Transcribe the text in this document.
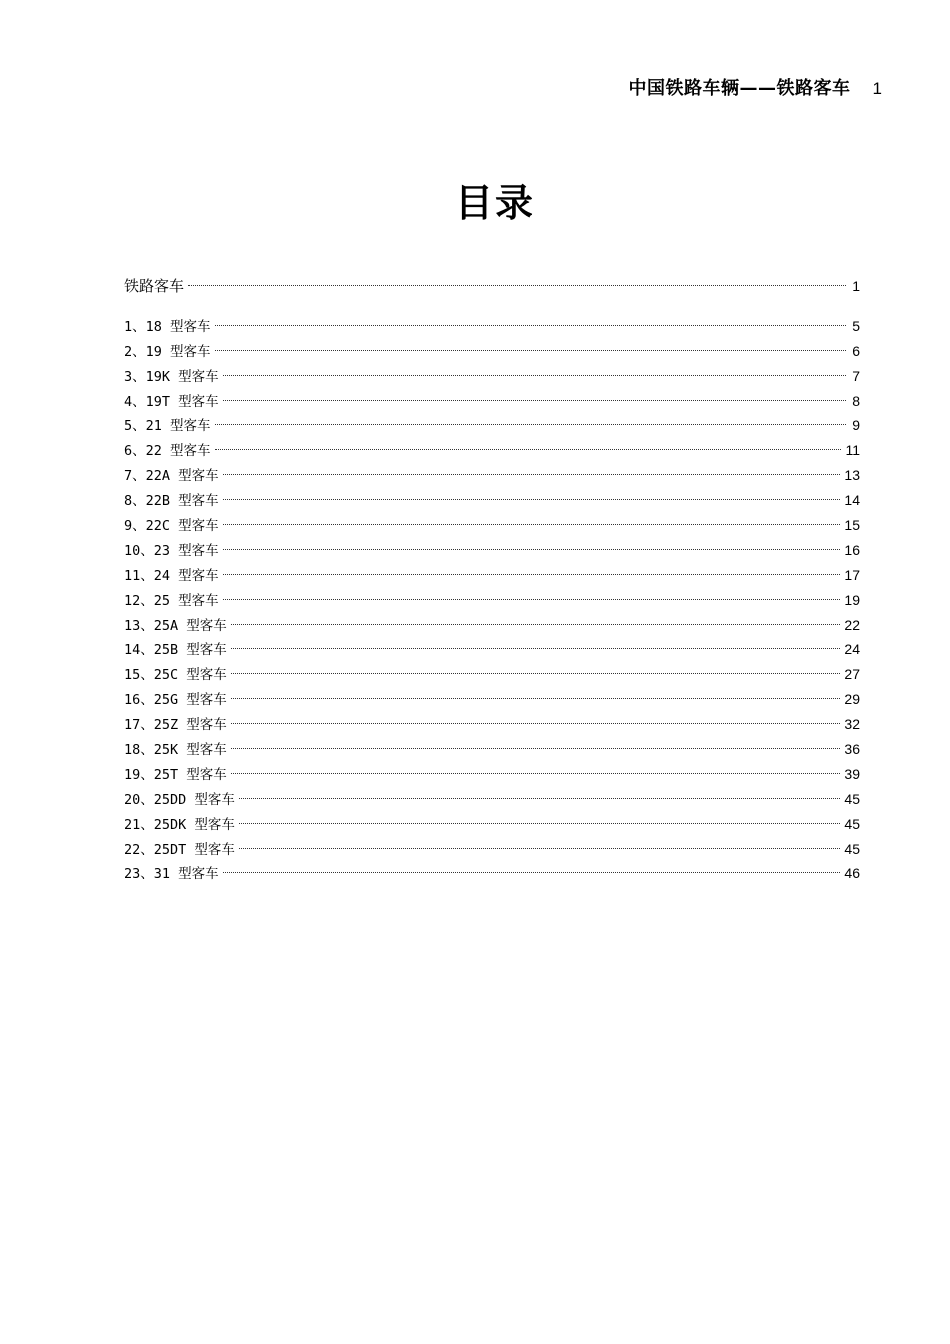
中国铁路车辆——铁路客车 1
目录
铁路客车	1
1、18 型客车	5
2、19 型客车	6
3、19K 型客车	7
4、19T 型客车	8
5、21 型客车	9
6、22 型客车	11
7、22A 型客车	13
8、22B 型客车	14
9、22C 型客车	15
10、23 型客车	16
11、24 型客车	17
12、25 型客车	19
13、25A 型客车	22
14、25B 型客车	24
15、25C 型客车	27
16、25G 型客车	29
17、25Z 型客车	32
18、25K 型客车	36
19、25T 型客车	39
20、25DD 型客车	45
21、25DK 型客车	45
22、25DT 型客车	45
23、31 型客车	46
